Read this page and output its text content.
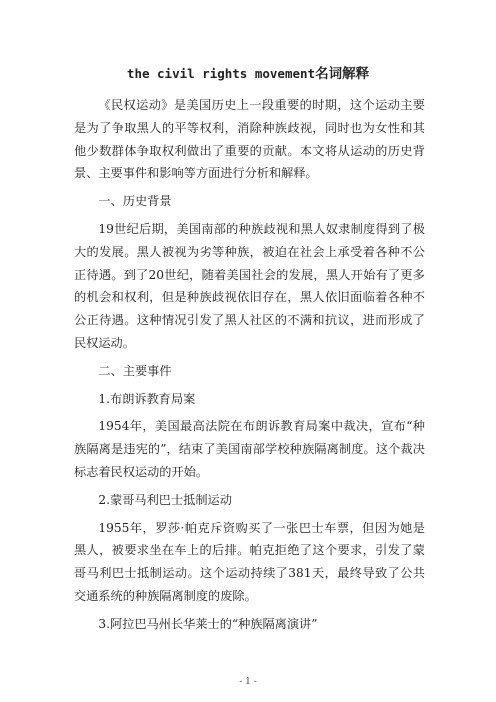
the civil rights movement名词解释

《民权运动》是美国历史上一段重要的时期，这个运动主要是为了争取黑人的平等权利，消除种族歧视，同时也为女性和其他少数群体争取权利做出了重要的贡献。本文将从运动的历史背景、主要事件和影响等方面进行分析和解释。

一、历史背景

19世纪后期，美国南部的种族歧视和黑人奴隶制度得到了极大的发展。黑人被视为劣等种族，被迫在社会上承受着各种不公正待遇。到了20世纪，随着美国社会的发展，黑人开始有了更多的机会和权利，但是种族歧视依旧存在，黑人依旧面临着各种不公正待遇。这种情况引发了黑人社区的不满和抗议，进而形成了民权运动。

二、主要事件

1.布朗诉教育局案

1954年，美国最高法院在布朗诉教育局案中裁决，宣布“种族隔离是违宪的”，结束了美国南部学校种族隔离制度。这个裁决标志着民权运动的开始。

2.蒙哥马利巴士抵制运动

1955年，罗莎·帕克斥资购买了一张巴士车票，但因为她是黑人，被要求坐在车上的后排。帕克拒绝了这个要求，引发了蒙哥马利巴士抵制运动。这个运动持续了381天，最终导致了公共交通系统的种族隔离制度的废除。

3.阿拉巴马州长华莱士的“种族隔离演讲”

- 1 -
